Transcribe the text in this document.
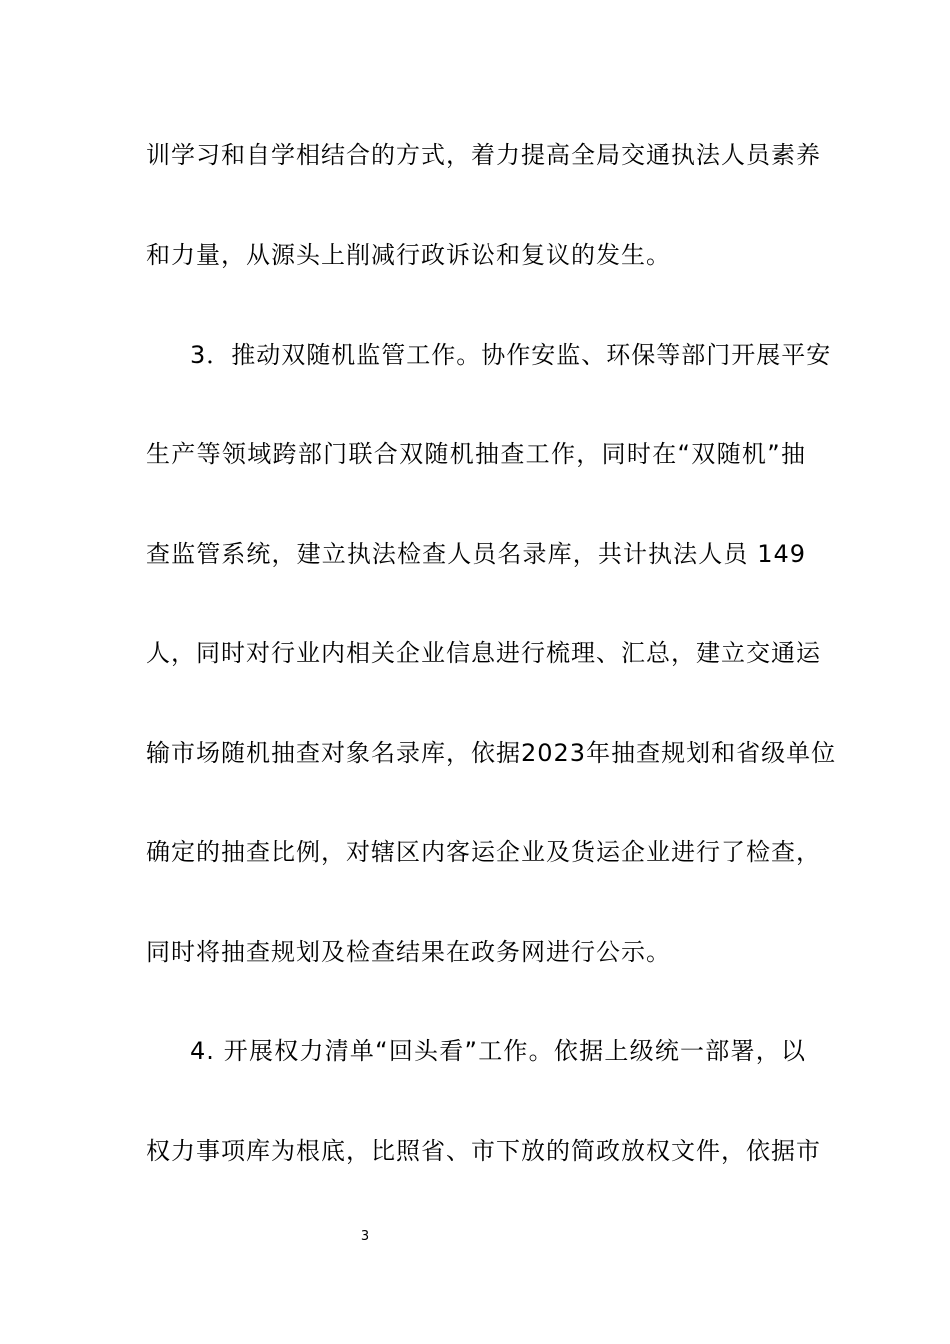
训学习和自学相结合的方式，着力提高全局交通执法人员素养
和力量，从源头上削减行政诉讼和复议的发生。
3．推动双随机监管工作。协作安监、环保等部门开展平安
生产等领域跨部门联合双随机抽查工作，同时在“双随机”抽
查监管系统，建立执法检查人员名录库，共计执法人员 149
人，同时对行业内相关企业信息进行梳理、汇总，建立交通运
输市场随机抽查对象名录库，依据2023年抽查规划和省级单位
确定的抽查比例，对辖区内客运企业及货运企业进行了检查，
同时将抽查规划及检查结果在政务网进行公示。
4. 开展权力清单“回头看”工作。依据上级统一部署，以
权力事项库为根底，比照省、市下放的简政放权文件，依据市
3
